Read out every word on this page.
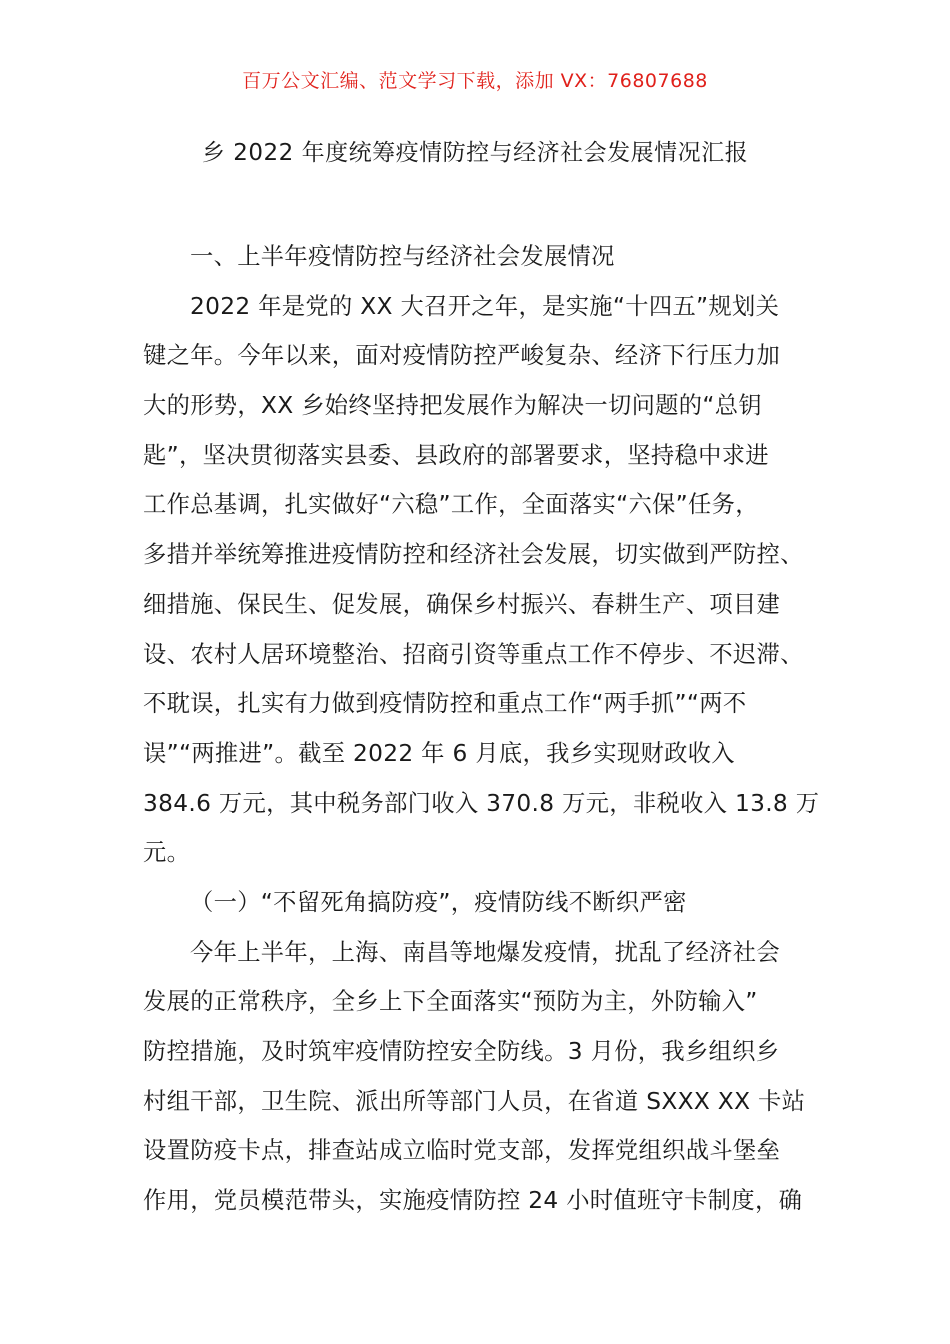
百万公文汇编、范文学习下载，添加 VX：76807688
乡 2022 年度统筹疫情防控与经济社会发展情况汇报
一、上半年疫情防控与经济社会发展情况
2022 年是党的 XX 大召开之年，是实施“十四五”规划关
键之年。今年以来，面对疫情防控严峻复杂、经济下行压力加
大的形势，XX 乡始终坚持把发展作为解决一切问题的“总钥
匙”，坚决贯彻落实县委、县政府的部署要求，坚持稳中求进
工作总基调，扎实做好“六稳”工作，全面落实“六保”任务，
多措并举统筹推进疫情防控和经济社会发展，切实做到严防控、
细措施、保民生、促发展，确保乡村振兴、春耕生产、项目建
设、农村人居环境整治、招商引资等重点工作不停步、不迟滞、
不耽误，扎实有力做到疫情防控和重点工作“两手抓”“两不
误”“两推进”。截至 2022 年 6 月底，我乡实现财政收入
384.6 万元，其中税务部门收入 370.8 万元，非税收入 13.8 万
元。
（一）“不留死角搞防疫”，疫情防线不断织严密
今年上半年，上海、南昌等地爆发疫情，扰乱了经济社会
发展的正常秩序，全乡上下全面落实“预防为主，外防输入”
防控措施，及时筑牢疫情防控安全防线。3 月份，我乡组织乡
村组干部，卫生院、派出所等部门人员，在省道 SXXX XX 卡站
设置防疫卡点，排查站成立临时党支部，发挥党组织战斗堡垒
作用，党员模范带头，实施疫情防控 24 小时值班守卡制度，确
